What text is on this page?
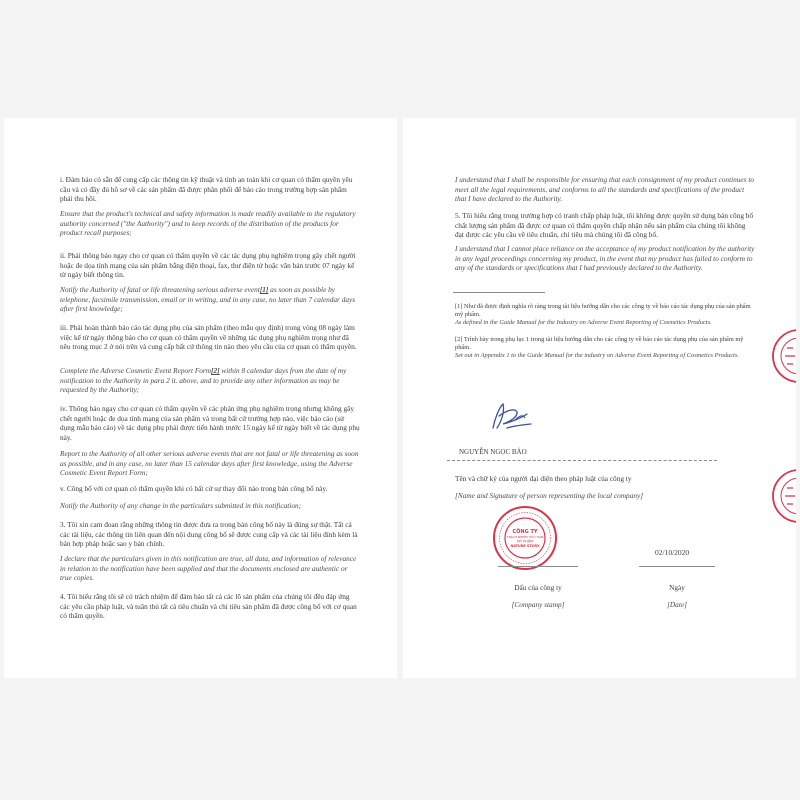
i. Đảm bảo có sẵn để cung cấp các thông tin kỹ thuật và tính an toàn khi cơ quan có thẩm quyền yêu cầu và có đầy đủ hồ sơ về các sản phẩm đã được phân phối để bảo cáo trong trường hợp sản phẩm phải thu hồi.

Ensure that the product's technical and safety information is made readily available to the regulatory authority concerned ("the Authority") and to keep records of the distribution of the products for product recall purposes;

ii. Phải thông báo ngay cho cơ quan có thẩm quyền về các tác dụng phụ nghiêm trọng gây chết người hoặc đe dọa tính mạng của sản phẩm bằng điện thoại, fax, thư điện tử hoặc văn bản trước 07 ngày kể từ ngày biết thông tin.

Notify the Authority of fatal or life threatening serious adverse event[1] as soon as possible by telephone, facsimile transmission, email or in writing, and in any case, no later than 7 calendar days after first knowledge;

iii. Phải hoàn thành báo cáo tác dụng phụ của sản phẩm (theo mẫu quy định) trong vòng 08 ngày làm việc kể từ ngày thông báo cho cơ quan có thẩm quyền về những tác dụng phụ nghiêm trọng như đã nêu trong mục 2 ở nói trên và cung cấp bất cứ thông tin nào theo yêu cầu của cơ quan có thẩm quyền.

Complete the Adverse Cosmetic Event Report Form[2] within 8 calendar days from the date of my notification to the Authority in para 2 it. above, and to provide any other information as may be requested by the Authority;

iv. Thông báo ngay cho cơ quan có thẩm quyền về các phản ứng phụ nghiêm trọng nhưng không gây chết người hoặc đe dọa tính mạng của sản phẩm và trong bất cứ trường hợp nào, việc báo cáo (sử dụng mẫu báo cáo) về tác dụng phụ phải được tiến hành trước 15 ngày kể từ ngày biết về tác dụng phụ này.

Report to the Authority of all other serious adverse events that are not fatal or life threatening as soon as possible, and in any case, no later than 15 calendar days after first knowledge, using the Adverse Cosmetic Event Report Form;

v. Công bố với cơ quan có thẩm quyền khi có bất cứ sự thay đổi nào trong bản công bố này.

Notify the Authority of any change in the particulars submitted in this notification;

3. Tôi xin cam đoan rằng những thông tin được đưa ra trong bản công bố này là đúng sự thật. Tất cả các tài liệu, các thông tin liên quan đến nội dung công bố sẽ được cung cấp và các tài liệu đính kèm là bản hợp pháp hoặc sao y bản chính.

I declare that the particulars given in this notification are true, all data, and information of relevance in relation to the notification have been supplied and that the documents enclosed are authentic or true copies.

4. Tôi hiểu rằng tôi sẽ có trách nhiệm để đảm bảo tất cả các lô sản phẩm của chúng tôi đều đáp ứng các yêu cầu pháp luật, và tuân thủ tất cả tiêu chuẩn và chỉ tiêu sản phẩm đã được công bố với cơ quan có thẩm quyền.

I understand that I shall be responsible for ensuring that each consignment of my product continues to meet all the legal requirements, and conforms to all the standards and specifications of the product that I have declared to the Authority.

5. Tôi hiểu rằng trong trường hợp có tranh chấp pháp luật, tôi không được quyền sử dụng bản công bố chất lượng sản phẩm đã được cơ quan có thẩm quyền chấp nhận nếu sản phẩm của chúng tôi không đạt được các yêu cầu về tiêu chuẩn, chỉ tiêu mà chúng tôi đã công bố.

I understand that I cannot place reliance on the acceptance of my product notification by the authority in any legal proceedings concerning my product, in the event that my product has failed to conform to any of the standards or specifications that I had previously declared to the Authority.

[1] Như đã được định nghĩa rõ ràng trong tài liệu hướng dẫn cho các công ty về báo cáo tác dụng phụ của sản phẩm mỹ phẩm.

As defined in the Guide Manual for the Industry on Adverse Event Reporting of Cosmetics Products.

[2] Trình bày trong phụ lục 1 trong tài liệu hướng dẫn cho các công ty về báo cáo tác dụng phụ của sản phẩm mỹ phẩm.

Set out in Appendix 1 to the Guide Manual for the industry on Adverse Event Reporting of Cosmetics Products.

NGUYỄN NGỌC BẢO

Tên và chữ ký của người đại diện theo pháp luật của công ty

[Name and Signature of person representing the local company]

CÔNG TY
TRÁCH NHIỆM HỮU HẠN
MỸ PHẨM
NATURE STORY

02/10/2020

Dấu của công ty	Ngày

[Company stamp]	[Date]
